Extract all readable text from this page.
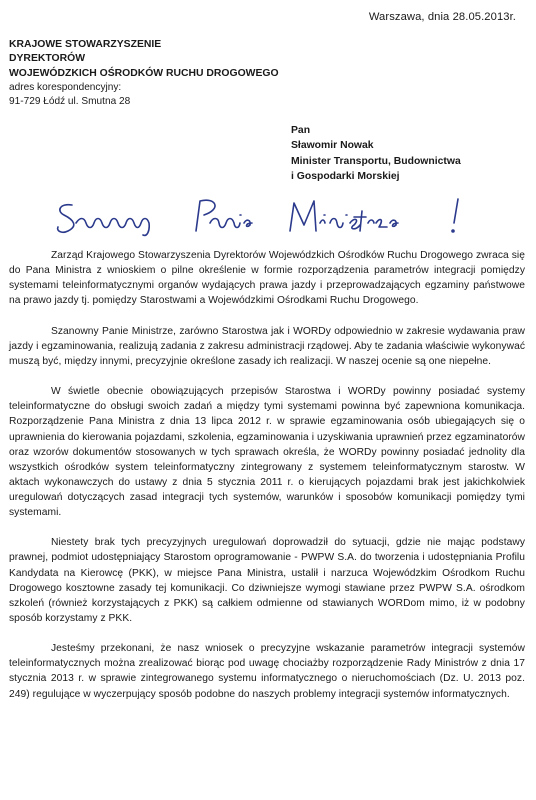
Warszawa, dnia 28.05.2013r.
KRAJOWE STOWARZYSZENIE
DYREKTORÓW
WOJEWÓDZKICH OŚRODKÓW RUCHU DROGOWEGO
adres korespondencyjny:
91-729 Łódź ul. Smutna 28
Pan
Sławomir Nowak
Minister Transportu, Budownictwa
i Gospodarki Morskiej

Zarząd Krajowego Stowarzyszenia Dyrektorów Wojewódzkich Ośrodków Ruchu Drogowego zwraca się do Pana Ministra z wnioskiem o pilne określenie w formie rozporządzenia parametrów integracji pomiędzy systemami teleinformatycznymi organów wydających prawa jazdy i przeprowadzających egzaminy państwowe na prawo jazdy tj. pomiędzy Starostwami a Wojewódzkimi Ośrodkami Ruchu Drogowego.

Szanowny Panie Ministrze, zarówno Starostwa jak i WORDy odpowiednio w zakresie wydawania praw jazdy i egzaminowania, realizują zadania z zakresu administracji rządowej. Aby te zadania właściwie wykonywać muszą być, między innymi, precyzyjnie określone zasady ich realizacji. W naszej ocenie są one niepełne.

W świetle obecnie obowiązujących przepisów Starostwa i WORDy powinny posiadać systemy teleinformatyczne do obsługi swoich zadań a między tymi systemami powinna być zapewniona komunikacja. Rozporządzenie Pana Ministra z dnia 13 lipca 2012 r. w sprawie egzaminowania osób ubiegających się o uprawnienia do kierowania pojazdami, szkolenia, egzaminowania i uzyskiwania uprawnień przez egzaminatorów oraz wzorów dokumentów stosowanych w tych sprawach określa, że WORDy powinny posiadać jednolity dla wszystkich ośrodków system teleinformatyczny zintegrowany z systemem teleinformatycznym starostw. W aktach wykonawczych do ustawy z dnia 5 stycznia 2011 r. o kierujących pojazdami brak jest jakichkolwiek uregulowań dotyczących zasad integracji tych systemów, warunków i sposobów komunikacji pomiędzy tymi systemami.

Niestety brak tych precyzyjnych uregulowań doprowadził do sytuacji, gdzie nie mając podstawy prawnej, podmiot udostępniający Starostom oprogramowanie - PWPW S.A. do tworzenia i udostępniania Profilu Kandydata na Kierowcę (PKK), w miejsce Pana Ministra, ustalił i narzuca Wojewódzkim Ośrodkom Ruchu Drogowego kosztowne zasady tej komunikacji. Co dziwniejsze wymogi stawiane przez PWPW S.A. ośrodkom szkoleń (również korzystających z PKK) są całkiem odmienne od stawianych WORDom mimo, iż w podobny sposób korzystamy z PKK.

Jesteśmy przekonani, że nasz wniosek o precyzyjne wskazanie parametrów integracji systemów teleinformatycznych można zrealizować biorąc pod uwagę chociażby rozporządzenie Rady Ministrów z dnia 17 stycznia 2013 r. w sprawie zintegrowanego systemu informatycznego o nieruchomościach (Dz. U. 2013 poz. 249) regulujące w wyczerpujący sposób podobne do naszych problemy integracji systemów informatycznych.
